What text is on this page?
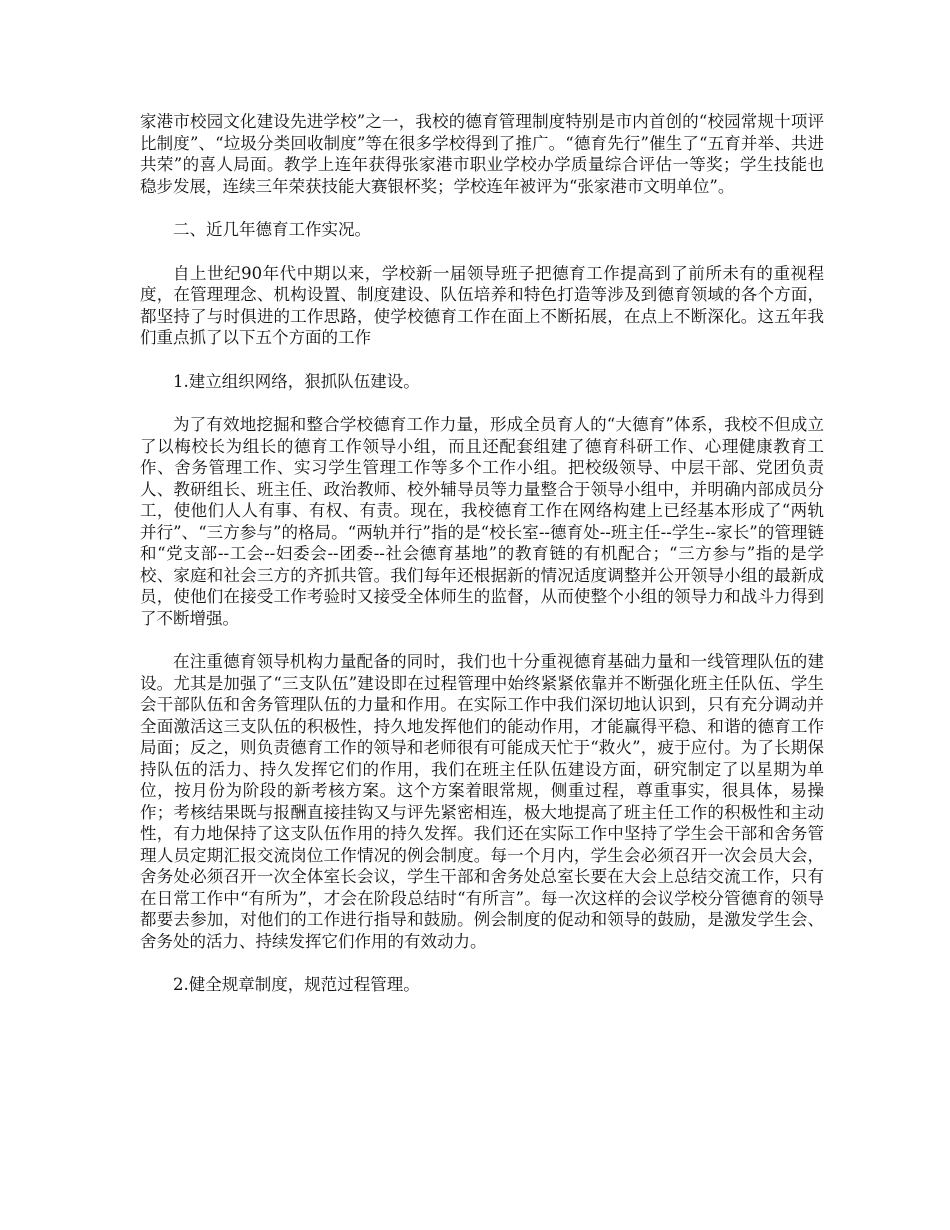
家港市校园文化建设先进学校”之一，我校的德育管理制度特别是市内首创的“校园常规十项评比制度”、“垃圾分类回收制度”等在很多学校得到了推广。“德育先行”催生了“五育并举、共进共荣”的喜人局面。教学上连年获得张家港市职业学校办学质量综合评估一等奖；学生技能也稳步发展，连续三年荣获技能大赛银杯奖；学校连年被评为“张家港市文明单位”。

二、近几年德育工作实况。

自上世纪90年代中期以来，学校新一届领导班子把德育工作提高到了前所未有的重视程度，在管理理念、机构设置、制度建设、队伍培养和特色打造等涉及到德育领域的各个方面，都坚持了与时俱进的工作思路，使学校德育工作在面上不断拓展，在点上不断深化。这五年我们重点抓了以下五个方面的工作

1.建立组织网络，狠抓队伍建设。

为了有效地挖掘和整合学校德育工作力量，形成全员育人的“大德育”体系，我校不但成立了以梅校长为组长的德育工作领导小组，而且还配套组建了德育科研工作、心理健康教育工作、舍务管理工作、实习学生管理工作等多个工作小组。把校级领导、中层干部、党团负责人、教研组长、班主任、政治教师、校外辅导员等力量整合于领导小组中，并明确内部成员分工，使他们人人有事、有权、有责。现在，我校德育工作在网络构建上已经基本形成了“两轨并行”、“三方参与”的格局。“两轨并行”指的是“校长室--德育处--班主任--学生--家长”的管理链和“党支部--工会--妇委会--团委--社会德育基地”的教育链的有机配合；“三方参与”指的是学校、家庭和社会三方的齐抓共管。我们每年还根据新的情况适度调整并公开领导小组的最新成员，使他们在接受工作考验时又接受全体师生的监督，从而使整个小组的领导力和战斗力得到了不断增强。

在注重德育领导机构力量配备的同时，我们也十分重视德育基础力量和一线管理队伍的建设。尤其是加强了“三支队伍”建设即在过程管理中始终紧紧依靠并不断强化班主任队伍、学生会干部队伍和舍务管理队伍的力量和作用。在实际工作中我们深切地认识到，只有充分调动并全面激活这三支队伍的积极性，持久地发挥他们的能动作用，才能赢得平稳、和谐的德育工作局面；反之，则负责德育工作的领导和老师很有可能成天忙于“救火”，疲于应付。为了长期保持队伍的活力、持久发挥它们的作用，我们在班主任队伍建设方面，研究制定了以星期为单位，按月份为阶段的新考核方案。这个方案着眼常规，侧重过程，尊重事实，很具体，易操作；考核结果既与报酬直接挂钩又与评先紧密相连，极大地提高了班主任工作的积极性和主动性，有力地保持了这支队伍作用的持久发挥。我们还在实际工作中坚持了学生会干部和舍务管理人员定期汇报交流岗位工作情况的例会制度。每一个月内，学生会必须召开一次会员大会，舍务处必须召开一次全体室长会议，学生干部和舍务处总室长要在大会上总结交流工作，只有在日常工作中“有所为”，才会在阶段总结时“有所言”。每一次这样的会议学校分管德育的领导都要去参加，对他们的工作进行指导和鼓励。例会制度的促动和领导的鼓励，是激发学生会、舍务处的活力、持续发挥它们作用的有效动力。

2.健全规章制度，规范过程管理。
